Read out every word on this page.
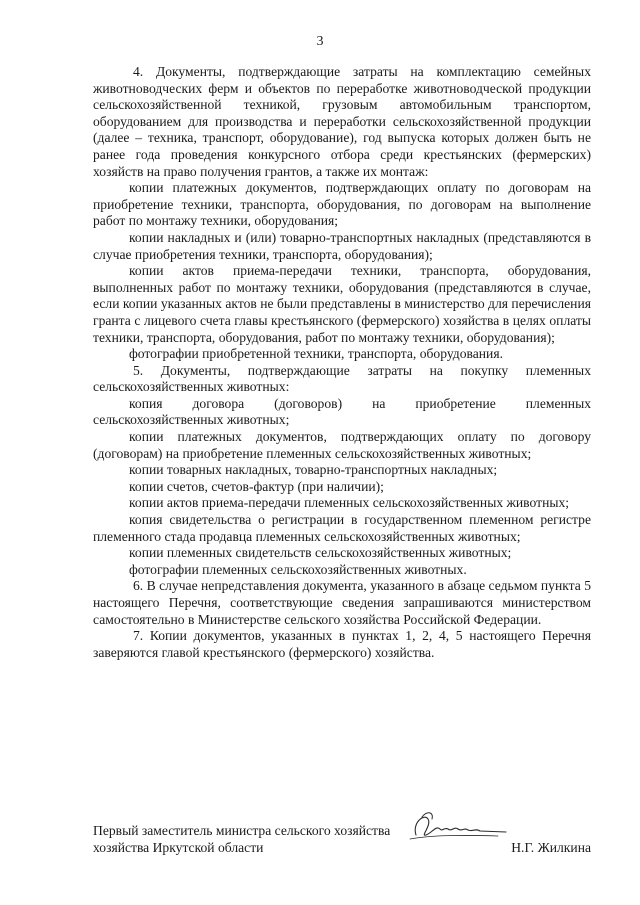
3

4. Документы, подтверждающие затраты на комплектацию семейных животноводческих ферм и объектов по переработке животноводческой продукции сельскохозяйственной техникой, грузовым автомобильным транспортом, оборудованием для производства и переработки сельскохозяйственной продукции (далее – техника, транспорт, оборудование), год выпуска которых должен быть не ранее года проведения конкурсного отбора среди крестьянских (фермерских) хозяйств на право получения грантов, а также их монтаж:

копии платежных документов, подтверждающих оплату по договорам на приобретение техники, транспорта, оборудования, по договорам на выполнение работ по монтажу техники, оборудования;

копии накладных и (или) товарно-транспортных накладных (представляются в случае приобретения техники, транспорта, оборудования);

копии актов приема-передачи техники, транспорта, оборудования, выполненных работ по монтажу техники, оборудования (представляются в случае, если копии указанных актов не были представлены в министерство для перечисления гранта с лицевого счета главы крестьянского (фермерского) хозяйства в целях оплаты техники, транспорта, оборудования, работ по монтажу техники, оборудования);

фотографии приобретенной техники, транспорта, оборудования.

5. Документы, подтверждающие затраты на покупку племенных сельскохозяйственных животных:

копия договора (договоров) на приобретение племенных сельскохозяйственных животных;

копии платежных документов, подтверждающих оплату по договору (договорам) на приобретение племенных сельскохозяйственных животных;

копии товарных накладных, товарно-транспортных накладных;

копии счетов, счетов-фактур (при наличии);

копии актов приема-передачи племенных сельскохозяйственных животных;

копия свидетельства о регистрации в государственном племенном регистре племенного стада продавца племенных сельскохозяйственных животных;

копии племенных свидетельств сельскохозяйственных животных;

фотографии племенных сельскохозяйственных животных.

6. В случае непредставления документа, указанного в абзаце седьмом пункта 5 настоящего Перечня, соответствующие сведения запрашиваются министерством самостоятельно в Министерстве сельского хозяйства Российской Федерации.

7. Копии документов, указанных в пунктах 1, 2, 4, 5 настоящего Перечня заверяются главой крестьянского (фермерского) хозяйства.

Первый заместитель министра сельского хозяйства
хозяйства Иркутской области	Н.Г. Жилкина
